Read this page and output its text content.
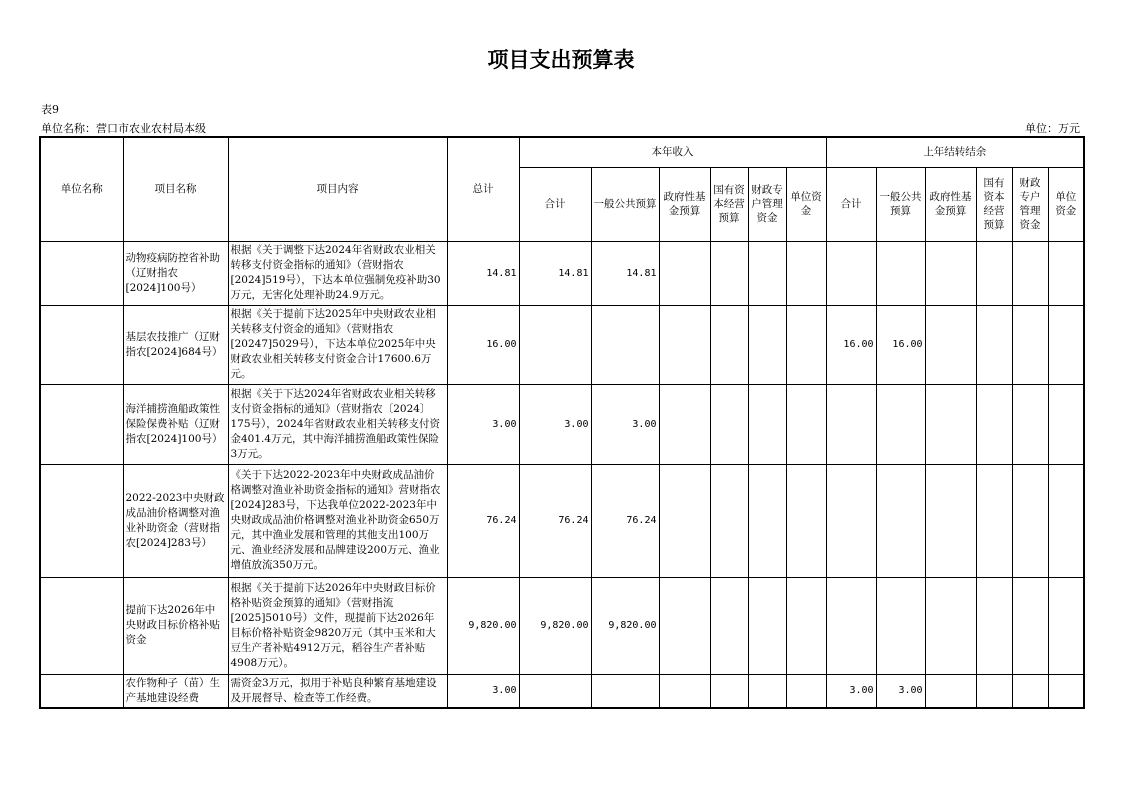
项目支出预算表
表9
单位名称：营口市农业农村局本级	单位：万元
单位名称	项目名称	项目内容	总计	本年收入						上年结转结余					
				合计	一般公共预算	政府性基金预算	国有资本经营预算	财政专户管理资金	单位资金	合计	一般公共预算	政府性基金预算	国有资本经营预算	财政专户管理资金	单位资金
	动物疫病防控省补助（辽财指农[2024]100号）	根据《关于调整下达2024年省财政农业相关转移支付资金指标的通知》（营财指农[2024]519号），下达本单位强制免疫补助30万元，无害化处理补助24.9万元。	14.81	14.81	14.81										
	基层农技推广（辽财指农[2024]684号）	根据《关于提前下达2025年中央财政农业相关转移支付资金的通知》（营财指农[20247]5029号），下达本单位2025年中央财政农业相关转移支付资金合计17600.6万元。	16.00							16.00	16.00				
	海洋捕捞渔船政策性保险保费补贴（辽财指农[2024]100号）	根据《关于下达2024年省财政农业相关转移支付资金指标的通知》（营财指农〔2024〕175号），2024年省财政农业相关转移支付资金401.4万元，其中海洋捕捞渔船政策性保险3万元。	3.00	3.00	3.00										
	2022-2023中央财政成品油价格调整对渔业补助资金（营财指农[2024]283号）	《关于下达2022-2023年中央财政成品油价格调整对渔业补助资金指标的通知》营财指农[2024]283号，下达我单位2022-2023年中央财政成品油价格调整对渔业补助资金650万元，其中渔业发展和管理的其他支出100万元、渔业经济发展和品牌建设200万元、渔业增值放流350万元。	76.24	76.24	76.24										
	提前下达2026年中央财政目标价格补贴资金	根据《关于提前下达2026年中央财政目标价格补贴资金预算的通知》（营财指流[2025]5010号）文件，现提前下达2026年目标价格补贴资金9820万元（其中玉米和大豆生产者补贴4912万元，稻谷生产者补贴4908万元）。	9,820.00	9,820.00	9,820.00										
	农作物种子（苗）生产基地建设经费	需资金3万元，拟用于补贴良种繁育基地建设及开展督导、检查等工作经费。	3.00							3.00	3.00				
